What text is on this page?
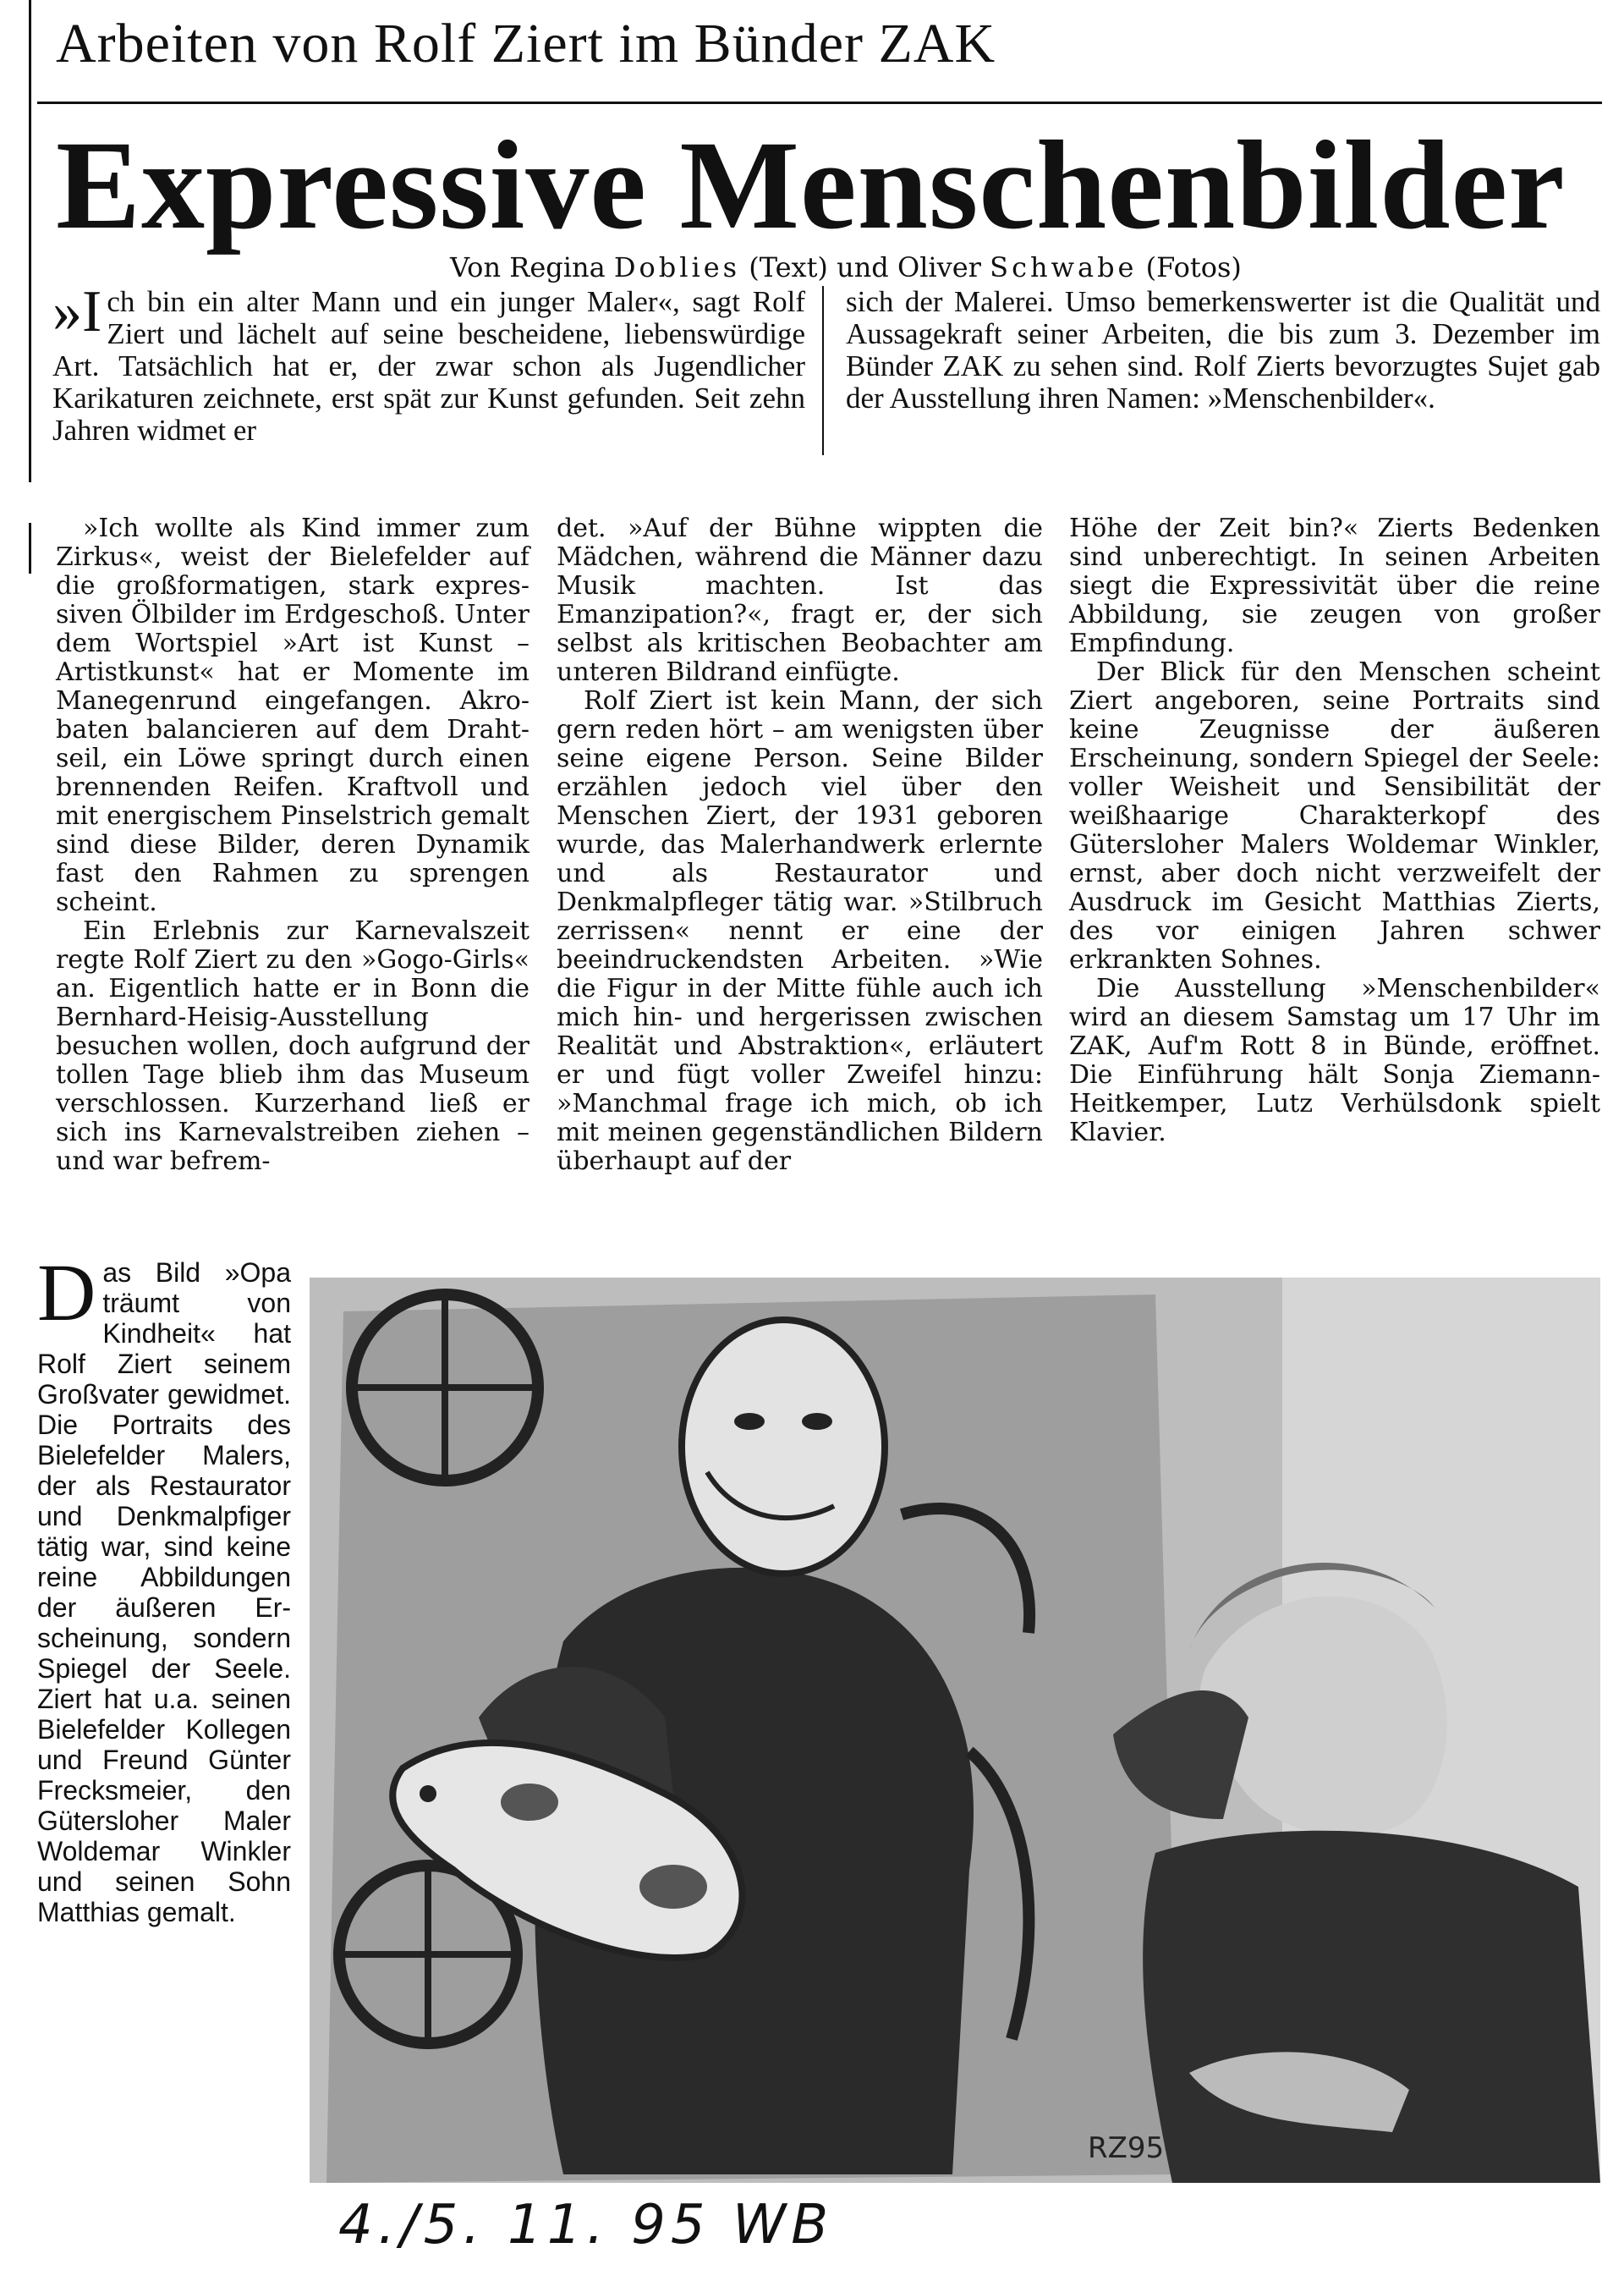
Arbeiten von Rolf Ziert im Bünder ZAK
Expressive Menschenbilder
Von Regina Doblies (Text) und Oliver Schwabe (Fotos)
»I ch bin ein alter Mann und ein junger Maler«, sagt Rolf Ziert und lächelt auf seine bescheidene, liebenswürdige Art. Tatsächlich hat er, der zwar schon als Jugendlicher Karikaturen zeichnete, erst spät zur Kunst gefunden. Seit zehn Jahren widmet er
sich der Malerei. Umso bemerkenswerter ist die Qualität und Aussagekraft seiner Arbeiten, die bis zum 3. Dezember im Bünder ZAK zu sehen sind. Rolf Zierts bevorzugtes Sujet gab der Ausstellung ihren Namen: »Menschenbilder«.

»Ich wollte als Kind immer zum Zirkus«, weist der Bielefelder auf die großformatigen, stark expressiven Ölbilder im Erdgeschoß. Unter dem Wortspiel »Art ist Kunst – Artistkunst« hat er Momente im Manegenrund eingefangen. Akrobaten balancieren auf dem Drahtseil, ein Löwe springt durch einen brennenden Reifen. Kraftvoll und mit energischem Pinselstrich gemalt sind diese Bilder, deren Dynamik fast den Rahmen zu sprengen scheint.

Ein Erlebnis zur Karnevalszeit regte Rolf Ziert zu den »Gogo-Girls« an. Eigentlich hatte er in Bonn die Bernhard-Heisig-Ausstellung besuchen wollen, doch aufgrund der tollen Tage blieb ihm das Museum verschlossen. Kurzerhand ließ er sich ins Karnevalstreiben ziehen – und war befrem-

det. »Auf der Bühne wippten die Mädchen, während die Männer dazu Musik machten. Ist das Emanzipation?«, fragt er, der sich selbst als kritischen Beobachter am unteren Bildrand einfügte.

Rolf Ziert ist kein Mann, der sich gern reden hört – am wenigsten über seine eigene Person. Seine Bilder erzählen jedoch viel über den Menschen Ziert, der 1931 geboren wurde, das Malerhandwerk erlernte und als Restaurator und Denkmalpfleger tätig war. »Stilbruch zerrissen« nennt er eine der beeindruckendsten Arbeiten. »Wie die Figur in der Mitte fühle auch ich mich hin- und hergerissen zwischen Realität und Abstraktion«, erläutert er und fügt voller Zweifel hinzu: »Manchmal frage ich mich, ob ich mit meinen gegenständlichen Bildern überhaupt auf der

Höhe der Zeit bin?« Zierts Bedenken sind unberechtigt. In seinen Arbeiten siegt die Expressivität über die reine Abbildung, sie zeugen von großer Empfindung.

Der Blick für den Menschen scheint Ziert angeboren, seine Portraits sind keine Zeugnisse der äußeren Erscheinung, sondern Spiegel der Seele: voller Weisheit und Sensibilität der weißhaarige Charakterkopf des Gütersloher Malers Woldemar Winkler, ernst, aber doch nicht verzweifelt der Ausdruck im Gesicht Matthias Zierts, des vor einigen Jahren schwer erkrankten Sohnes.

Die Ausstellung »Menschenbilder« wird an diesem Samstag um 17 Uhr im ZAK, Auf'm Rott 8 in Bünde, eröffnet. Die Einführung hält Sonja Ziemann-Heitkemper, Lutz Verhülsdonk spielt Klavier.

Das Bild »Opa träumt von Kindheit« hat Rolf Ziert seinem Großvater gewidmet. Die Portraits des Bielefelder Malers, der als Restaurator und Denkmalpfiger tätig war, sind keine reine Abbildungen der äußeren Erscheinung, sondern Spiegel der Seele. Ziert hat u.a. seinen Bielefelder Kollegen und Freund Günter Frecksmeier, den Gütersloher Maler Woldemar Winkler und seinen Sohn Matthias gemalt.
RZ95
4./5. 11. 95 WB
